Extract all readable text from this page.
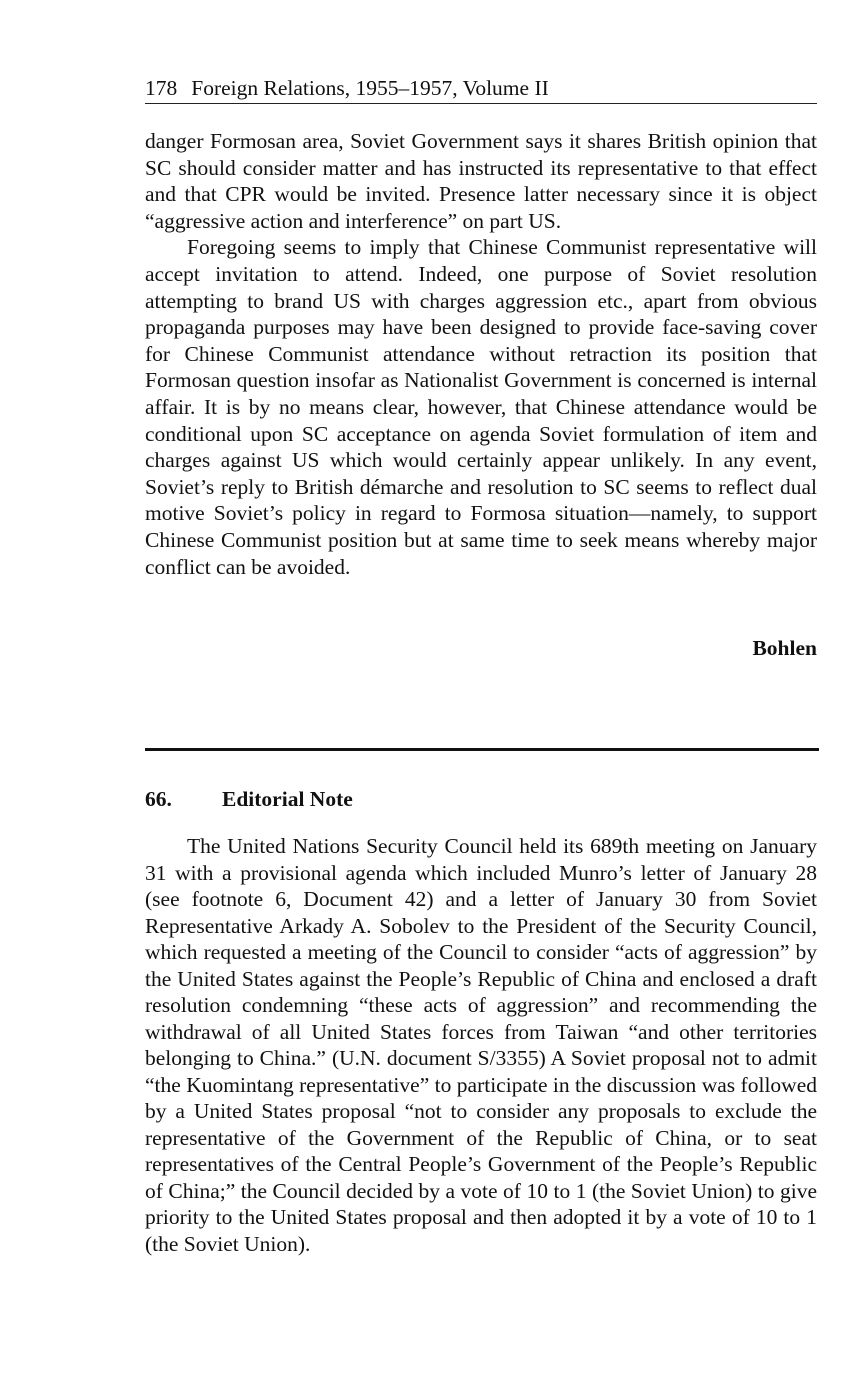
178 Foreign Relations, 1955–1957, Volume II

danger Formosan area, Soviet Government says it shares British opinion that SC should consider matter and has instructed its representative to that effect and that CPR would be invited. Presence latter necessary since it is object “aggressive action and interference” on part US.

Foregoing seems to imply that Chinese Communist representative will accept invitation to attend. Indeed, one purpose of Soviet resolution attempting to brand US with charges aggression etc., apart from obvious propaganda purposes may have been designed to provide face-saving cover for Chinese Communist attendance without retraction its position that Formosan question insofar as Nationalist Government is concerned is internal affair. It is by no means clear, however, that Chinese attendance would be conditional upon SC acceptance on agenda Soviet formulation of item and charges against US which would certainly appear unlikely. In any event, Soviet’s reply to British démarche and resolution to SC seems to reflect dual motive Soviet’s policy in regard to Formosa situation—namely, to support Chinese Communist position but at same time to seek means whereby major conflict can be avoided.

Bohlen
66. Editorial Note

The United Nations Security Council held its 689th meeting on January 31 with a provisional agenda which included Munro’s letter of January 28 (see footnote 6, Document 42) and a letter of January 30 from Soviet Representative Arkady A. Sobolev to the President of the Security Council, which requested a meeting of the Council to consider “acts of aggression” by the United States against the People’s Republic of China and enclosed a draft resolution condemning “these acts of aggression” and recommending the withdrawal of all United States forces from Taiwan “and other territories belonging to China.” (U.N. document S/3355) A Soviet proposal not to admit “the Kuomintang representative” to participate in the discussion was followed by a United States proposal “not to consider any proposals to exclude the representative of the Government of the Republic of China, or to seat representatives of the Central People’s Government of the People’s Republic of China;” the Council decided by a vote of 10 to 1 (the Soviet Union) to give priority to the United States proposal and then adopted it by a vote of 10 to 1 (the Soviet Union).
